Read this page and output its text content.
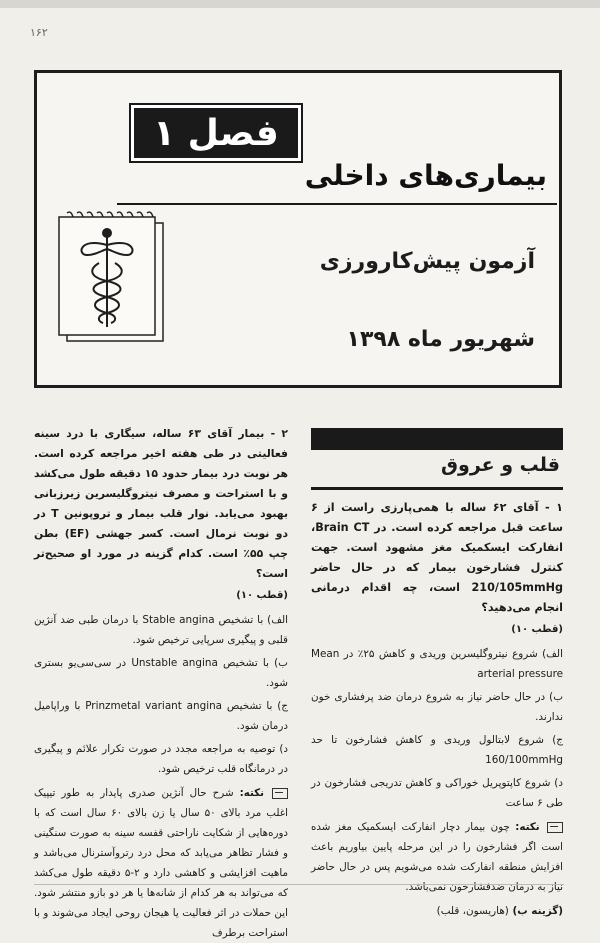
۱۶۲
فصل ۱
بیماری‌های داخلی
آزمون پیش‌کارورزی
شهریور ماه ۱۳۹۸
قلب و عروق

۱ - آقای ۶۲ ساله با همی‌پارزی راست از ۶ ساعت قبل مراجعه کرده است. در Brain CT، انفارکت ایسکمیک مغز مشهود است. جهت کنترل فشارخون بیمار که در حال حاضر 210/105mmHg است، چه اقدام درمانی انجام می‌دهید؟

(قطب ۱۰)
الف) شروع نیتروگلیسرین وریدی و کاهش ۲۵٪ در Mean arterial pressure
ب) در حال حاضر نیاز به شروع درمان ضد پرفشاری خون ندارند.
ج) شروع لابتالول وریدی و کاهش فشارخون تا حد 160/100mmHg
د) شروع کاپتوپریل خوراکی و کاهش تدریجی فشارخون در طی ۶ ساعت

نکته: چون بیمار دچار انفارکت ایسکمیک مغز شده است اگر فشارخون را در این مرحله پایین بیاوریم باعث افزایش منطقه انفارکت شده می‌شویم پس در حال حاضر نیاز به درمان ضدفشارخون نمی‌باشد.

(گزینه ب) (هاریسون، قلب)

۲ - بیمار آقای ۶۳ ساله، سیگاری با درد سینه فعالیتی در طی هفته اخیر مراجعه کرده است. هر نوبت درد بیمار حدود ۱۵ دقیقه طول می‌کشد و با استراحت و مصرف نیتروگلیسرین زیرزبانی بهبود می‌یابد. نوار قلب بیمار و تروپونین T در دو نوبت نرمال است. کسر جهشی (EF) بطن چپ ۵۵٪ است. کدام گزینه در مورد او صحیح‌تر است؟

(قطب ۱۰)
الف) با تشخیص Stable angina با درمان طبی ضد آنژین قلبی و پیگیری سرپایی ترخیص شود.
ب) با تشخیص Unstable angina در سی‌سی‌یو بستری شود.
ج) با تشخیص Prinzmetal variant angina با وراپامیل درمان شود.
د) توصیه به مراجعه مجدد در صورت تکرار علائم و پیگیری در درمانگاه قلب ترخیص شود.

نکته: شرح حال آنژین صدری پایدار به طور تیپیک اغلب مرد بالای ۵۰ سال یا زن بالای ۶۰ سال است که با دوره‌هایی از شکایت ناراحتی قفسه سینه به صورت سنگینی و فشار تظاهر می‌یابد که محل درد رتروآسترنال می‌باشد و ماهیت افزایشی و کاهشی دارد و ۲-۵ دقیقه طول می‌کشد که می‌تواند به هر کدام از شانه‌ها یا هر دو بازو منتشر شود. این حملات در اثر فعالیت یا هیجان روحی ایجاد می‌شوند و با استراحت برطرف
